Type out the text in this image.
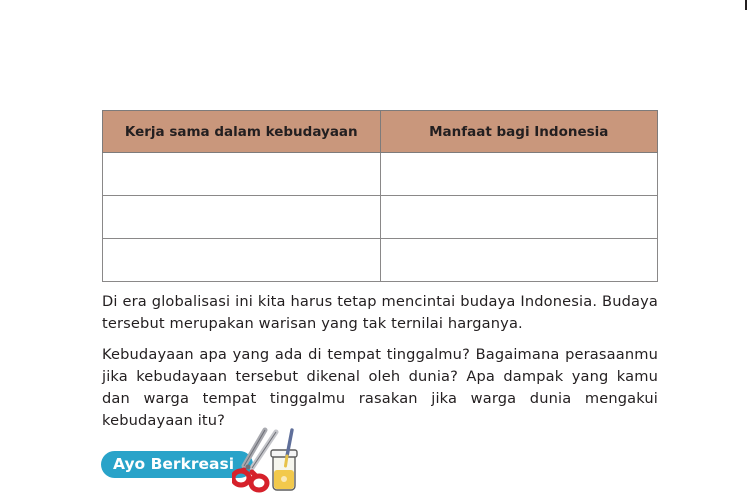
Kerja sama dalam kebudayaan	Manfaat bagi Indonesia

Di era globalisasi ini kita harus tetap mencintai budaya Indonesia. Budaya tersebut merupakan warisan yang tak ternilai harganya.

Kebudayaan apa yang ada di tempat tinggalmu? Bagaimana perasaanmu jika kebudayaan tersebut dikenal oleh dunia? Apa dampak yang kamu dan warga tempat tinggalmu rasakan jika warga dunia mengakui kebudayaan itu?

Ayo Berkreasi
